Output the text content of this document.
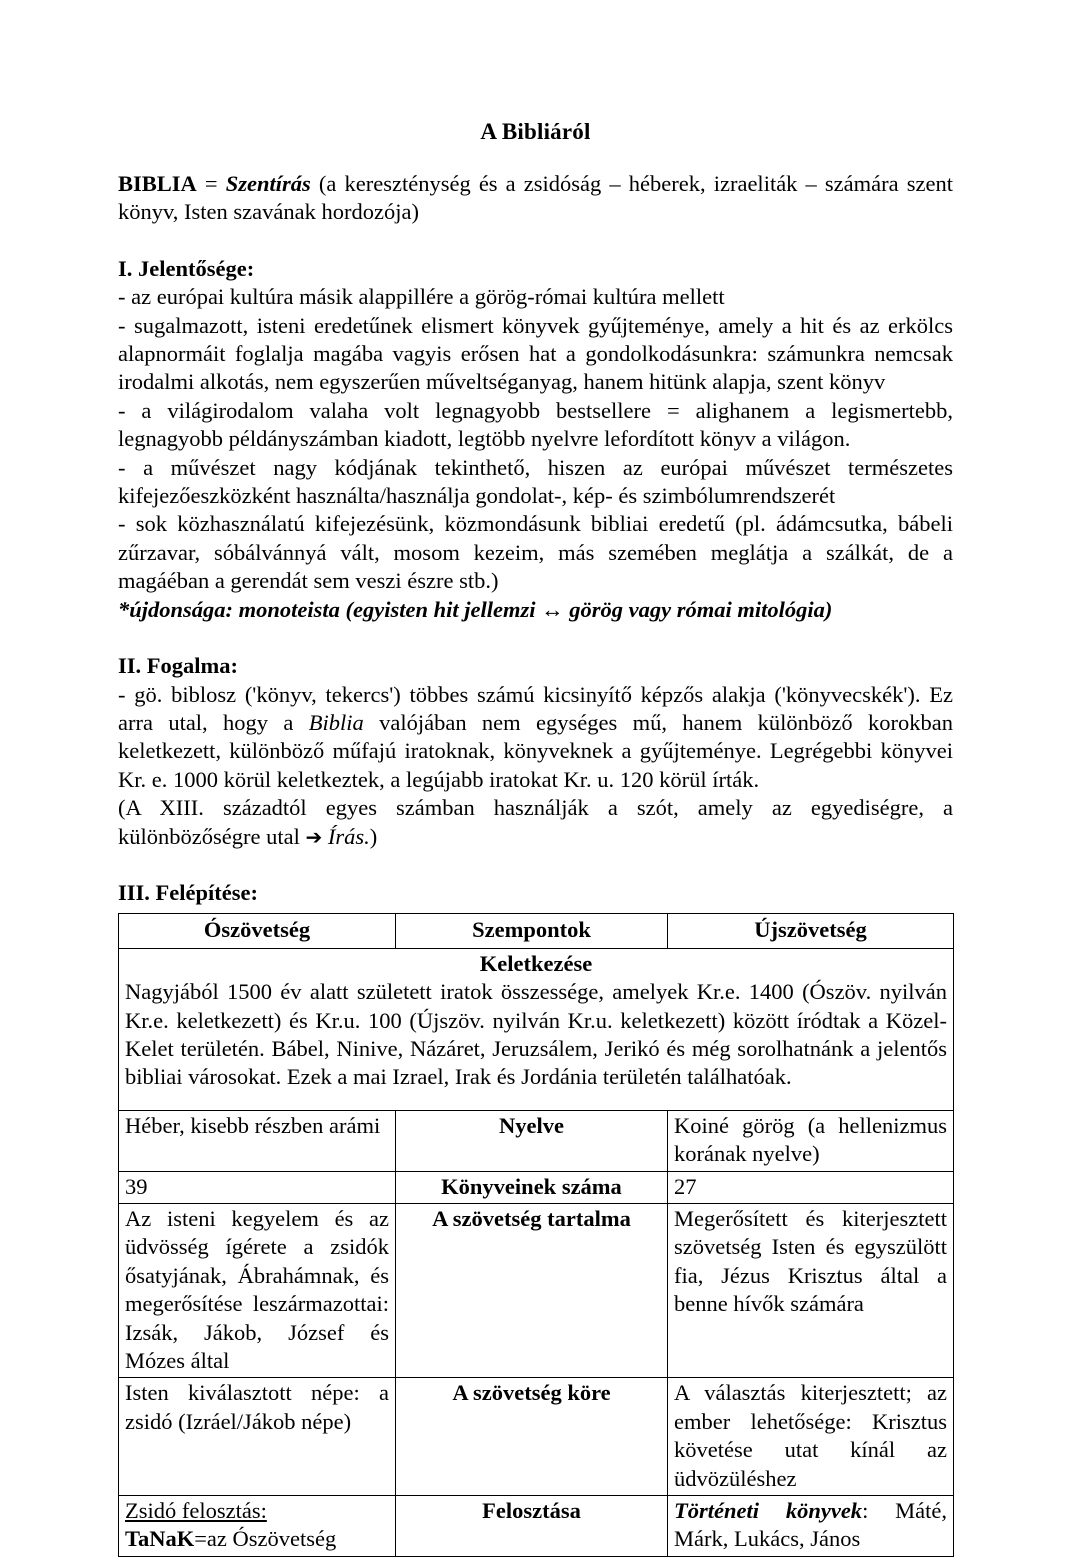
A Bibliáról

BIBLIA = Szentírás (a kereszténység és a zsidóság – héberek, izraeliták – számára szent könyv, Isten szavának hordozója)

I. Jelentősége:

- az európai kultúra másik alappillére a görög-római kultúra mellett

- sugalmazott, isteni eredetűnek elismert könyvek gyűjteménye, amely a hit és az erkölcs alapnormáit foglalja magába vagyis erősen hat a gondolkodásunkra: számunkra nemcsak irodalmi alkotás, nem egyszerűen műveltséganyag, hanem hitünk alapja, szent könyv

- a világirodalom valaha volt legnagyobb bestsellere = alighanem a legismertebb, legnagyobb példányszámban kiadott, legtöbb nyelvre lefordított könyv a világon.

- a művészet nagy kódjának tekinthető, hiszen az európai művészet természetes kifejezőeszközként használta/használja gondolat-, kép- és szimbólumrendszerét

- sok közhasználatú kifejezésünk, közmondásunk bibliai eredetű (pl. ádámcsutka, bábeli zűrzavar, sóbálvánnyá vált, mosom kezeim, más szemében meglátja a szálkát, de a magáéban a gerendát sem veszi észre stb.)

*újdonsága: monoteista (egyisten hit jellemzi ↔ görög vagy római mitológia)

II. Fogalma:

- gö. biblosz ('könyv, tekercs') többes számú kicsinyítő képzős alakja ('könyvecskék'). Ez arra utal, hogy a Biblia valójában nem egységes mű, hanem különböző korokban keletkezett, különböző műfajú iratoknak, könyveknek a gyűjteménye. Legrégebbi könyvei Kr. e. 1000 körül keletkeztek, a legújabb iratokat Kr. u. 120 körül írták.

(A XIII. századtól egyes számban használják a szót, amely az egyediségre, a különbözőségre utal ➔ Írás.)

III. Felépítése:

Ószövetség	Szempontok	Újszövetség

Keletkezése
Nagyjából 1500 év alatt született iratok összessége, amelyek Kr.e. 1400 (Ószöv. nyilván Kr.e. keletkezett) és Kr.u. 100 (Újszöv. nyilván Kr.u. keletkezett) között íródtak a Közel-Kelet területén. Bábel, Ninive, Názáret, Jeruzsálem, Jerikó és még sorolhatnánk a jelentős bibliai városokat. Ezek a mai Izrael, Irak és Jordánia területén találhatóak.		
Héber, kisebb részben arámi	Nyelve	Koiné görög (a hellenizmus korának nyelve)
39	Könyveinek száma	27
Az isteni kegyelem és az üdvösség ígérete a zsidók ősatyjának, Ábrahámnak, és megerősítése leszármazottai: Izsák, Jákob, József és Mózes által	A szövetség tartalma	Megerősített és kiterjesztett szövetség Isten és egyszülött fia, Jézus Krisztus által a benne hívők számára
Isten kiválasztott népe: a zsidó (Izráel/Jákob népe)	A szövetség köre	A választás kiterjesztett; az ember lehetősége: Krisztus követése utat kínál az üdvözüléshez
Zsidó felosztás:
TaNaK=az Ószövetség	Felosztása	Történeti könyvek: Máté, Márk, Lukács, János
